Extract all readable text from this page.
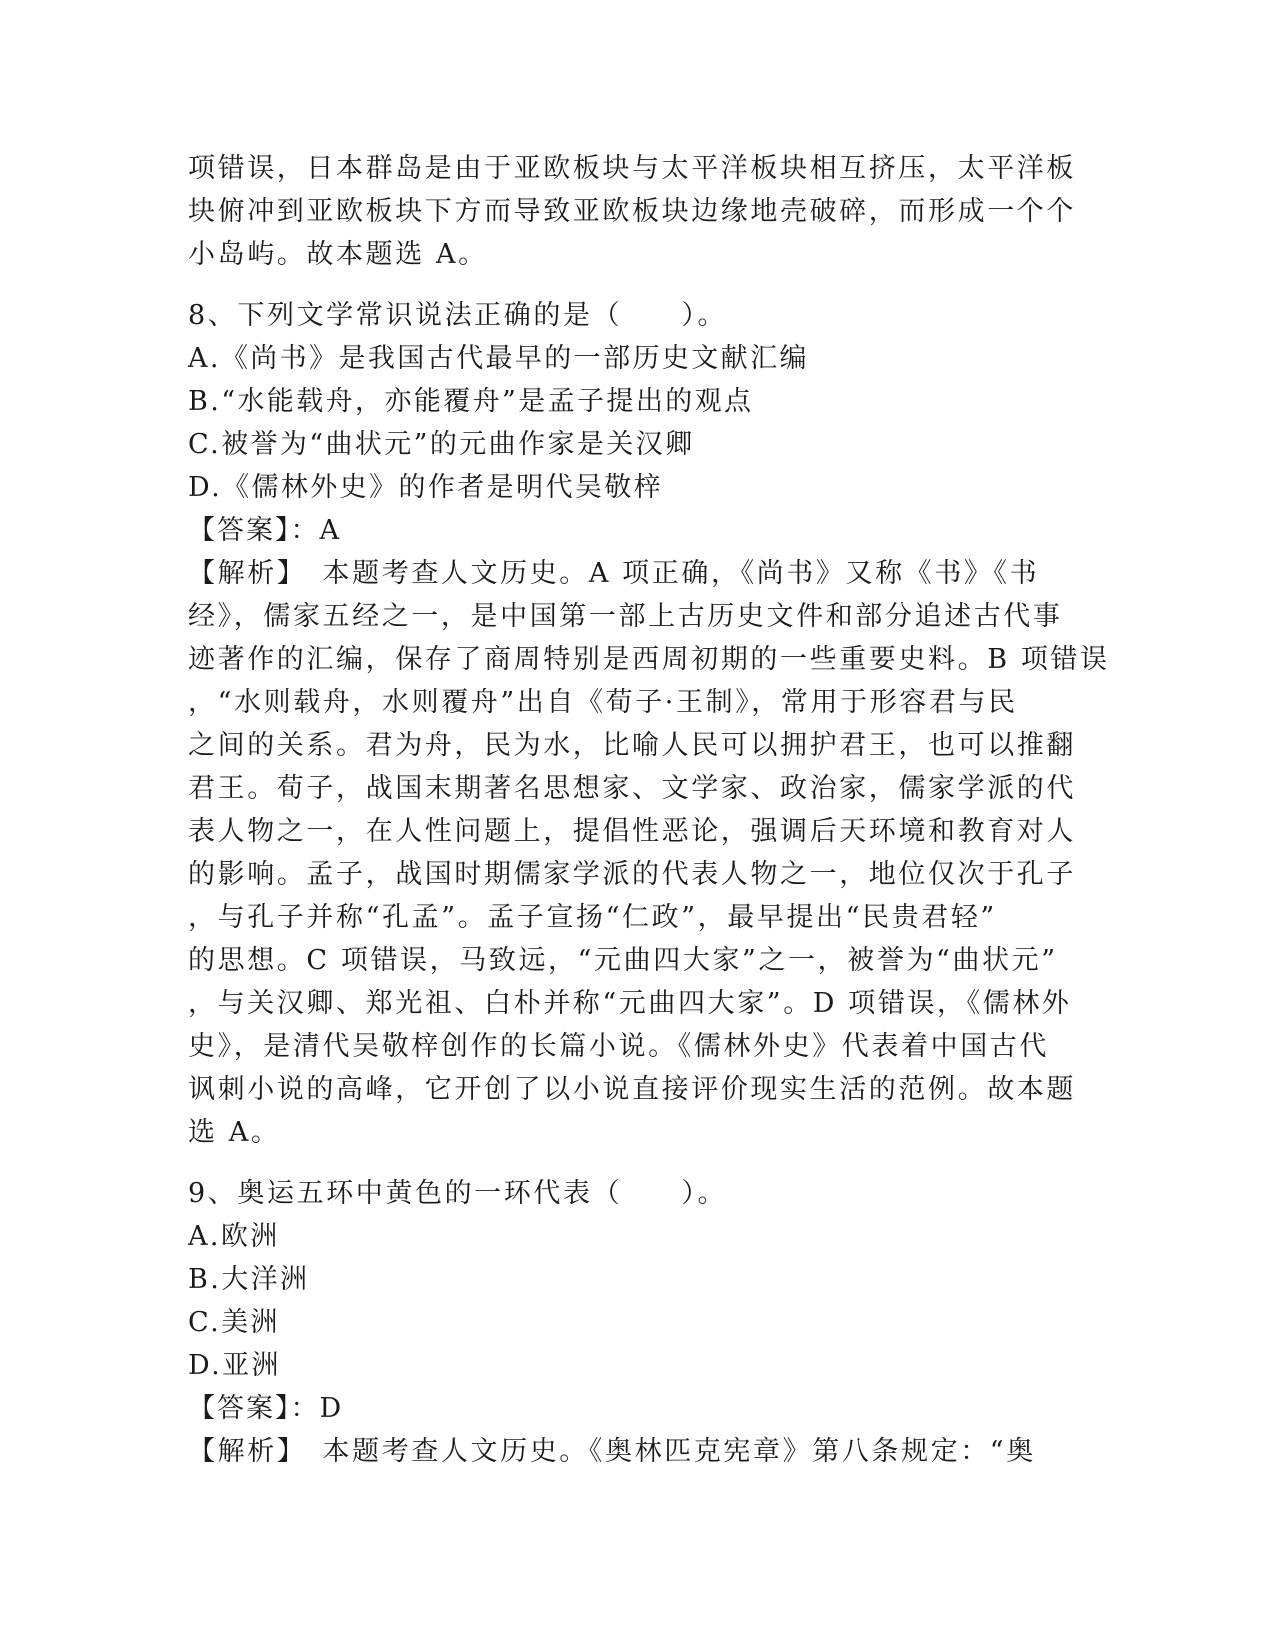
项错误，日本群岛是由于亚欧板块与太平洋板块相互挤压，太平洋板
块俯冲到亚欧板块下方而导致亚欧板块边缘地壳破碎，而形成一个个
小岛屿。故本题选 A。
8、下列文学常识说法正确的是（　　）。
A.《尚书》是我国古代最早的一部历史文献汇编
B.“水能载舟，亦能覆舟”是孟子提出的观点
C.被誉为“曲状元”的元曲作家是关汉卿
D.《儒林外史》的作者是明代吴敬梓
【答案】：A
【解析】　本题考查人文历史。A 项正确，《尚书》又称《书》《书
经》，儒家五经之一，是中国第一部上古历史文件和部分追述古代事
迹著作的汇编，保存了商周特别是西周初期的一些重要史料。B 项错误
，“水则载舟，水则覆舟”出自《荀子·王制》，常用于形容君与民
之间的关系。君为舟，民为水，比喻人民可以拥护君王，也可以推翻
君王。荀子，战国末期著名思想家、文学家、政治家，儒家学派的代
表人物之一，在人性问题上，提倡性恶论，强调后天环境和教育对人
的影响。孟子，战国时期儒家学派的代表人物之一，地位仅次于孔子
，与孔子并称“孔孟”。孟子宣扬“仁政”，最早提出“民贵君轻”
的思想。C 项错误，马致远，“元曲四大家”之一，被誉为“曲状元”
，与关汉卿、郑光祖、白朴并称“元曲四大家”。D 项错误，《儒林外
史》，是清代吴敬梓创作的长篇小说。《儒林外史》代表着中国古代
讽刺小说的高峰，它开创了以小说直接评价现实生活的范例。故本题
选 A。
9、奥运五环中黄色的一环代表（　　）。
A.欧洲
B.大洋洲
C.美洲
D.亚洲
【答案】：D
【解析】　本题考查人文历史。《奥林匹克宪章》第八条规定：“奥
